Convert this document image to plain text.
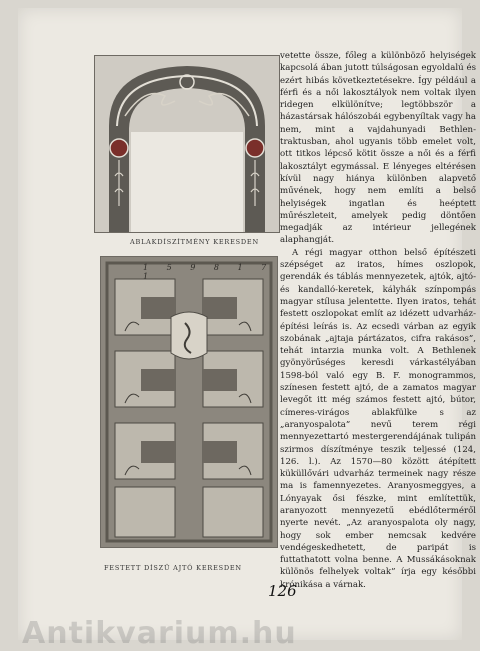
ABLAKDÍSZÍTMÉNY KERESDEN
1 5 9 8 1 7 1
FESTETT DÍSZÜ AJTÓ KERESDEN

vetette össze, főleg a különböző helyiségek kapcsolá ában jutott túlságosan egyoldalú és ezért hibás következtetésekre. Így például a férfi és a női lakosztályok nem voltak ilyen ridegen elkülönítve; legtöbbször a házastársak hálószobái egybenyíltak vagy ha nem, mint a vajdahunyadi Bethlen-traktusban, ahol ugyanis több emelet volt, ott titkos lépcső kötit össze a női és a férfi lakosztályt egymással. E lényeges eltérésen kívül nagy hiánya különben alapvető művének, hogy nem említi a belső helyiségek ingatlan és heéptett műrészleteit, amelyek pedig döntően megadják az intérieur jellegének alaphangját.

A régi magyar otthon belső építészeti szépséget az iratos, hímes oszlopok, gerendák és táblás mennyezetek, ajtók, ajtó- és kandalló-keretek, kályhák színpompás magyar stílusa jelentette. Ilyen iratos, tehát festett oszlopokat említ az idézett udvarház-építési leírás is. Az ecsedi várban az egyik szobának „ajtaja pártázatos, cifra rakásos”, tehát intarzia munka volt. A Bethlenek gyönyörűséges keresdi várkastélyában 1598-ból való egy B. F. monogrammos, színesen festett ajtó, de a zamatos magyar levegőt itt még számos festett ajtó, bútor, címeres-virágos ablakfülke s az „aranyospalota” nevű terem régi mennyezettartó mestergerendájának tulipán szirmos díszítménye teszik teljessé (124, 126. l.). Az 1570—80 között átépített küküllővári udvarház termeinek nagy része ma is famennyezetes. Aranyosmeggyes, a Lónyayak ősi fészke, mint említettük, aranyozott mennyezetű ebédlőterméről nyerte nevét. „Az aranyospalota oly nagy, hogy sok ember nemcsak kedvére vendégeskedhetett, de paripát is futtathatott volna benne. A Mussákásoknak különös felhelyek voltak” írja egy későbbi krónikása a várnak.

126
Antikvarium.hu
